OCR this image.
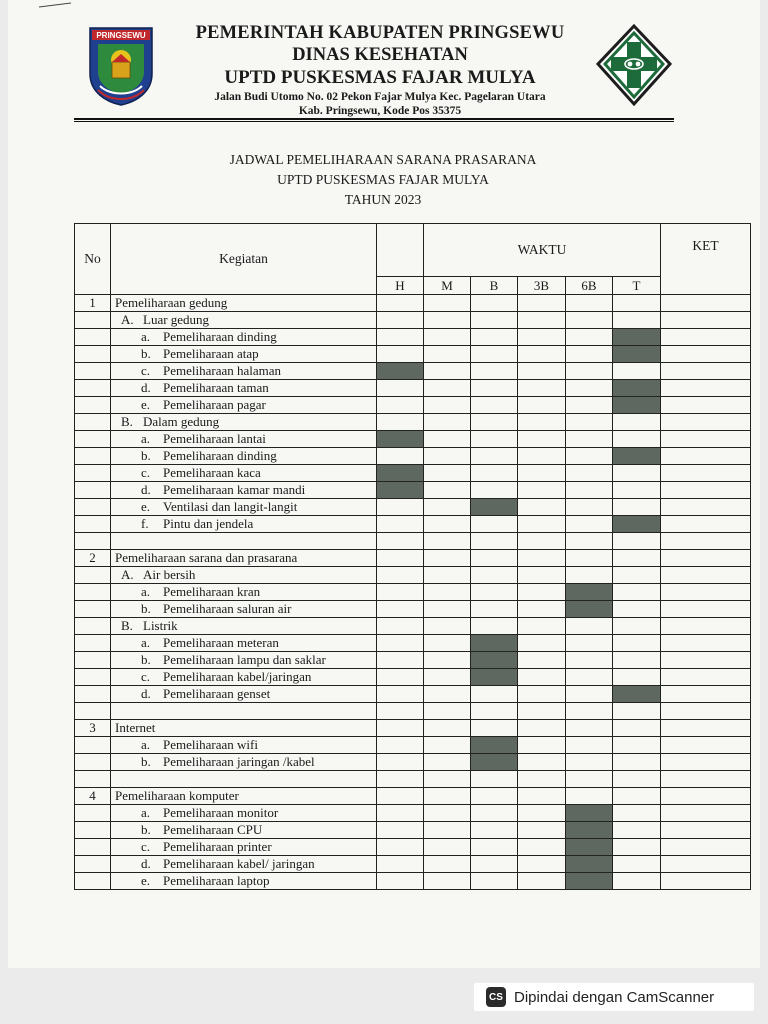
PRINGSEWU	PEMERINTAH KABUPATEN PRINGSEWU
DINAS KESEHATAN
UPTD PUSKESMAS FAJAR MULYA
Jalan Budi Utomo No. 02 Pekon Fajar Mulya Kec. Pagelaran Utara
Kab. Pringsewu, Kode Pos 35375
JADWAL PEMELIHARAAN SARANA PRASARANA
UPTD PUSKESMAS FAJAR MULYA
TAHUN 2023
No	Kegiatan		WAKTU					KET
		H	M	B	3B	6B	T	
1	Pemeliharaan gedung							
	A. Luar gedung							
	a. Pemeliharaan dinding							
	b. Pemeliharaan atap							
	c. Pemeliharaan halaman							
	d. Pemeliharaan taman							
	e. Pemeliharaan pagar							
	B. Dalam gedung							
	a. Pemeliharaan lantai							
	b. Pemeliharaan dinding							
	c. Pemeliharaan kaca							
	d. Pemeliharaan kamar mandi							
	e. Ventilasi dan langit-langit							
	f. Pintu dan jendela							

2	Pemeliharaan sarana dan prasarana							
	A. Air bersih							
	a. Pemeliharaan kran							
	b. Pemeliharaan saluran air							
	B. Listrik							
	a. Pemeliharaan meteran							
	b. Pemeliharaan lampu dan saklar							
	c. Pemeliharaan kabel/jaringan							
	d. Pemeliharaan genset							

3	Internet							
	a. Pemeliharaan wifi							
	b. Pemeliharaan jaringan /kabel							

4	Pemeliharaan komputer							
	a. Pemeliharaan monitor							
	b. Pemeliharaan CPU							
	c. Pemeliharaan printer							
	d. Pemeliharaan kabel/ jaringan							
	e. Pemeliharaan laptop							
CS Dipindai dengan CamScanner
